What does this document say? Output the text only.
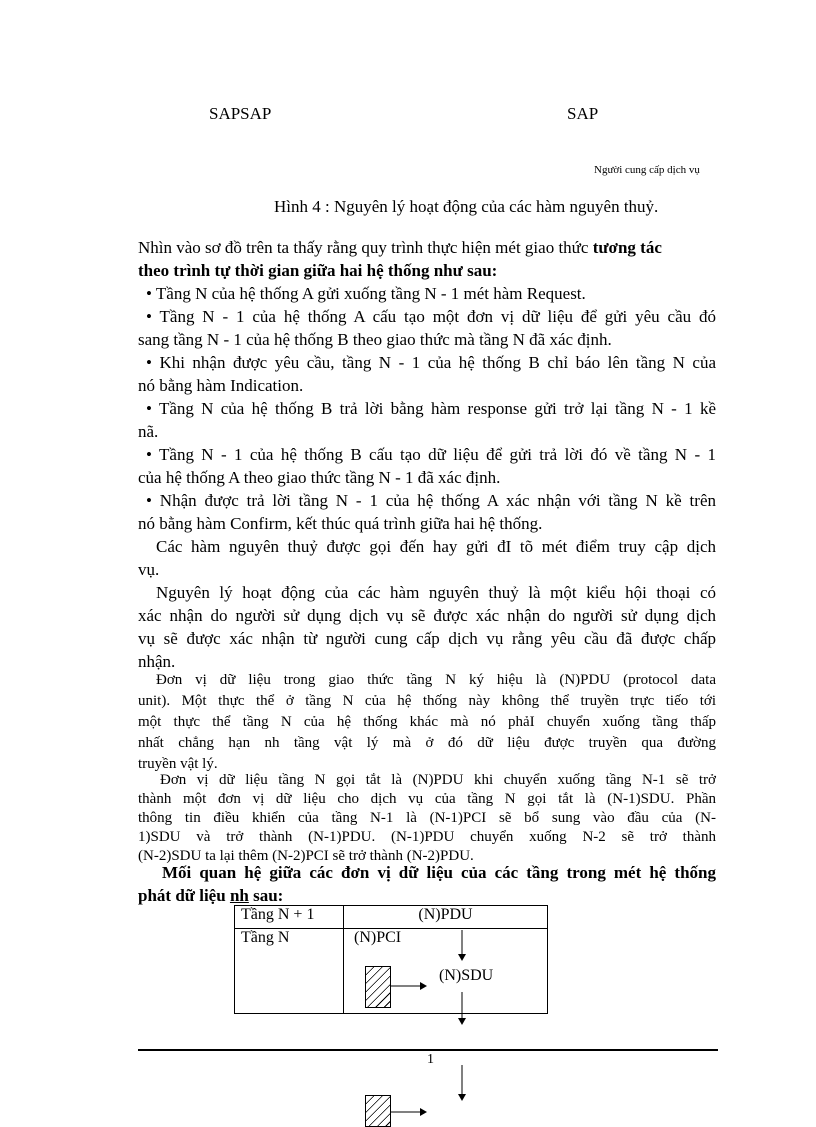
SAPSAP	SAP
Người cung cấp dịch vụ
Hình 4 : Nguyên lý hoạt động của các hàm nguyên thuỷ.
Nhìn vào sơ đồ trên ta thấy rằng quy trình thực hiện mét giao thức tương tác
theo trình tự thời gian giữa hai hệ thống như sau:
• Tầng N của hệ thống A gửi xuống tầng N - 1 mét hàm Request.
• Tầng N - 1 của hệ thống A cấu tạo một đơn vị dữ liệu để gửi yêu cầu đó
sang tầng N - 1 của hệ thống B theo giao thức mà tầng N đã xác định.
• Khi nhận được yêu cầu, tầng N - 1 của hệ thống B chỉ báo lên tầng N của
nó bằng hàm Indication.
• Tầng N của hệ thống B trả lời bằng hàm response gửi trở lại tầng N - 1 kề
nã.
• Tầng N - 1 của hệ thống B cấu tạo dữ liệu để gửi trả lời đó về tầng N - 1
của hệ thống A theo giao thức tầng N - 1 đã xác định.
• Nhận được trả lời tầng N - 1 của hệ thống A xác nhận với tầng N kề trên
nó bằng hàm Confirm, kết thúc quá trình giữa hai hệ thống.
Các hàm nguyên thuỷ được gọi đến hay gửi đI tõ mét điểm truy cập dịch
vụ.
Nguyên lý hoạt động của các hàm nguyên thuỷ là một kiểu hội thoại có
xác nhận do người sử dụng dịch vụ sẽ được xác nhận do người sử dụng dịch
vụ sẽ được xác nhận từ người cung cấp dịch vụ rằng yêu cầu đã được chấp
nhận.
Đơn vị dữ liệu trong giao thức tầng N ký hiệu là (N)PDU (protocol data
unit). Một thực thể ở tầng N của hệ thống này không thể truyền trực tiếo tới
một thực thể tầng N của hệ thống khác mà nó phảI chuyển xuống tầng thấp
nhất chẳng hạn nh tầng vật lý mà ở đó dữ liệu được truyền qua đường
truyền vật lý.
Đơn vị dữ liệu tầng N gọi tắt là (N)PDU khi chuyển xuống tầng N-1 sẽ trở
thành một đơn vị dữ liệu cho dịch vụ của tầng N gọi tắt là (N-1)SDU. Phần
thông tin điều khiển của tầng N-1 là (N-1)PCI sẽ bổ sung vào đầu của (N-
1)SDU và trở thành (N-1)PDU. (N-1)PDU chuyển xuống N-2 sẽ trở thành
(N-2)SDU ta lại thêm (N-2)PCI sẽ trở thành (N-2)PDU.
Mối quan hệ giữa các đơn vị dữ liệu của các tầng trong mét hệ thống
phát dữ liệu nh sau:
Tầng N + 1	(N)PDU
Tầng N	(N)PCI
(N)SDU
1
